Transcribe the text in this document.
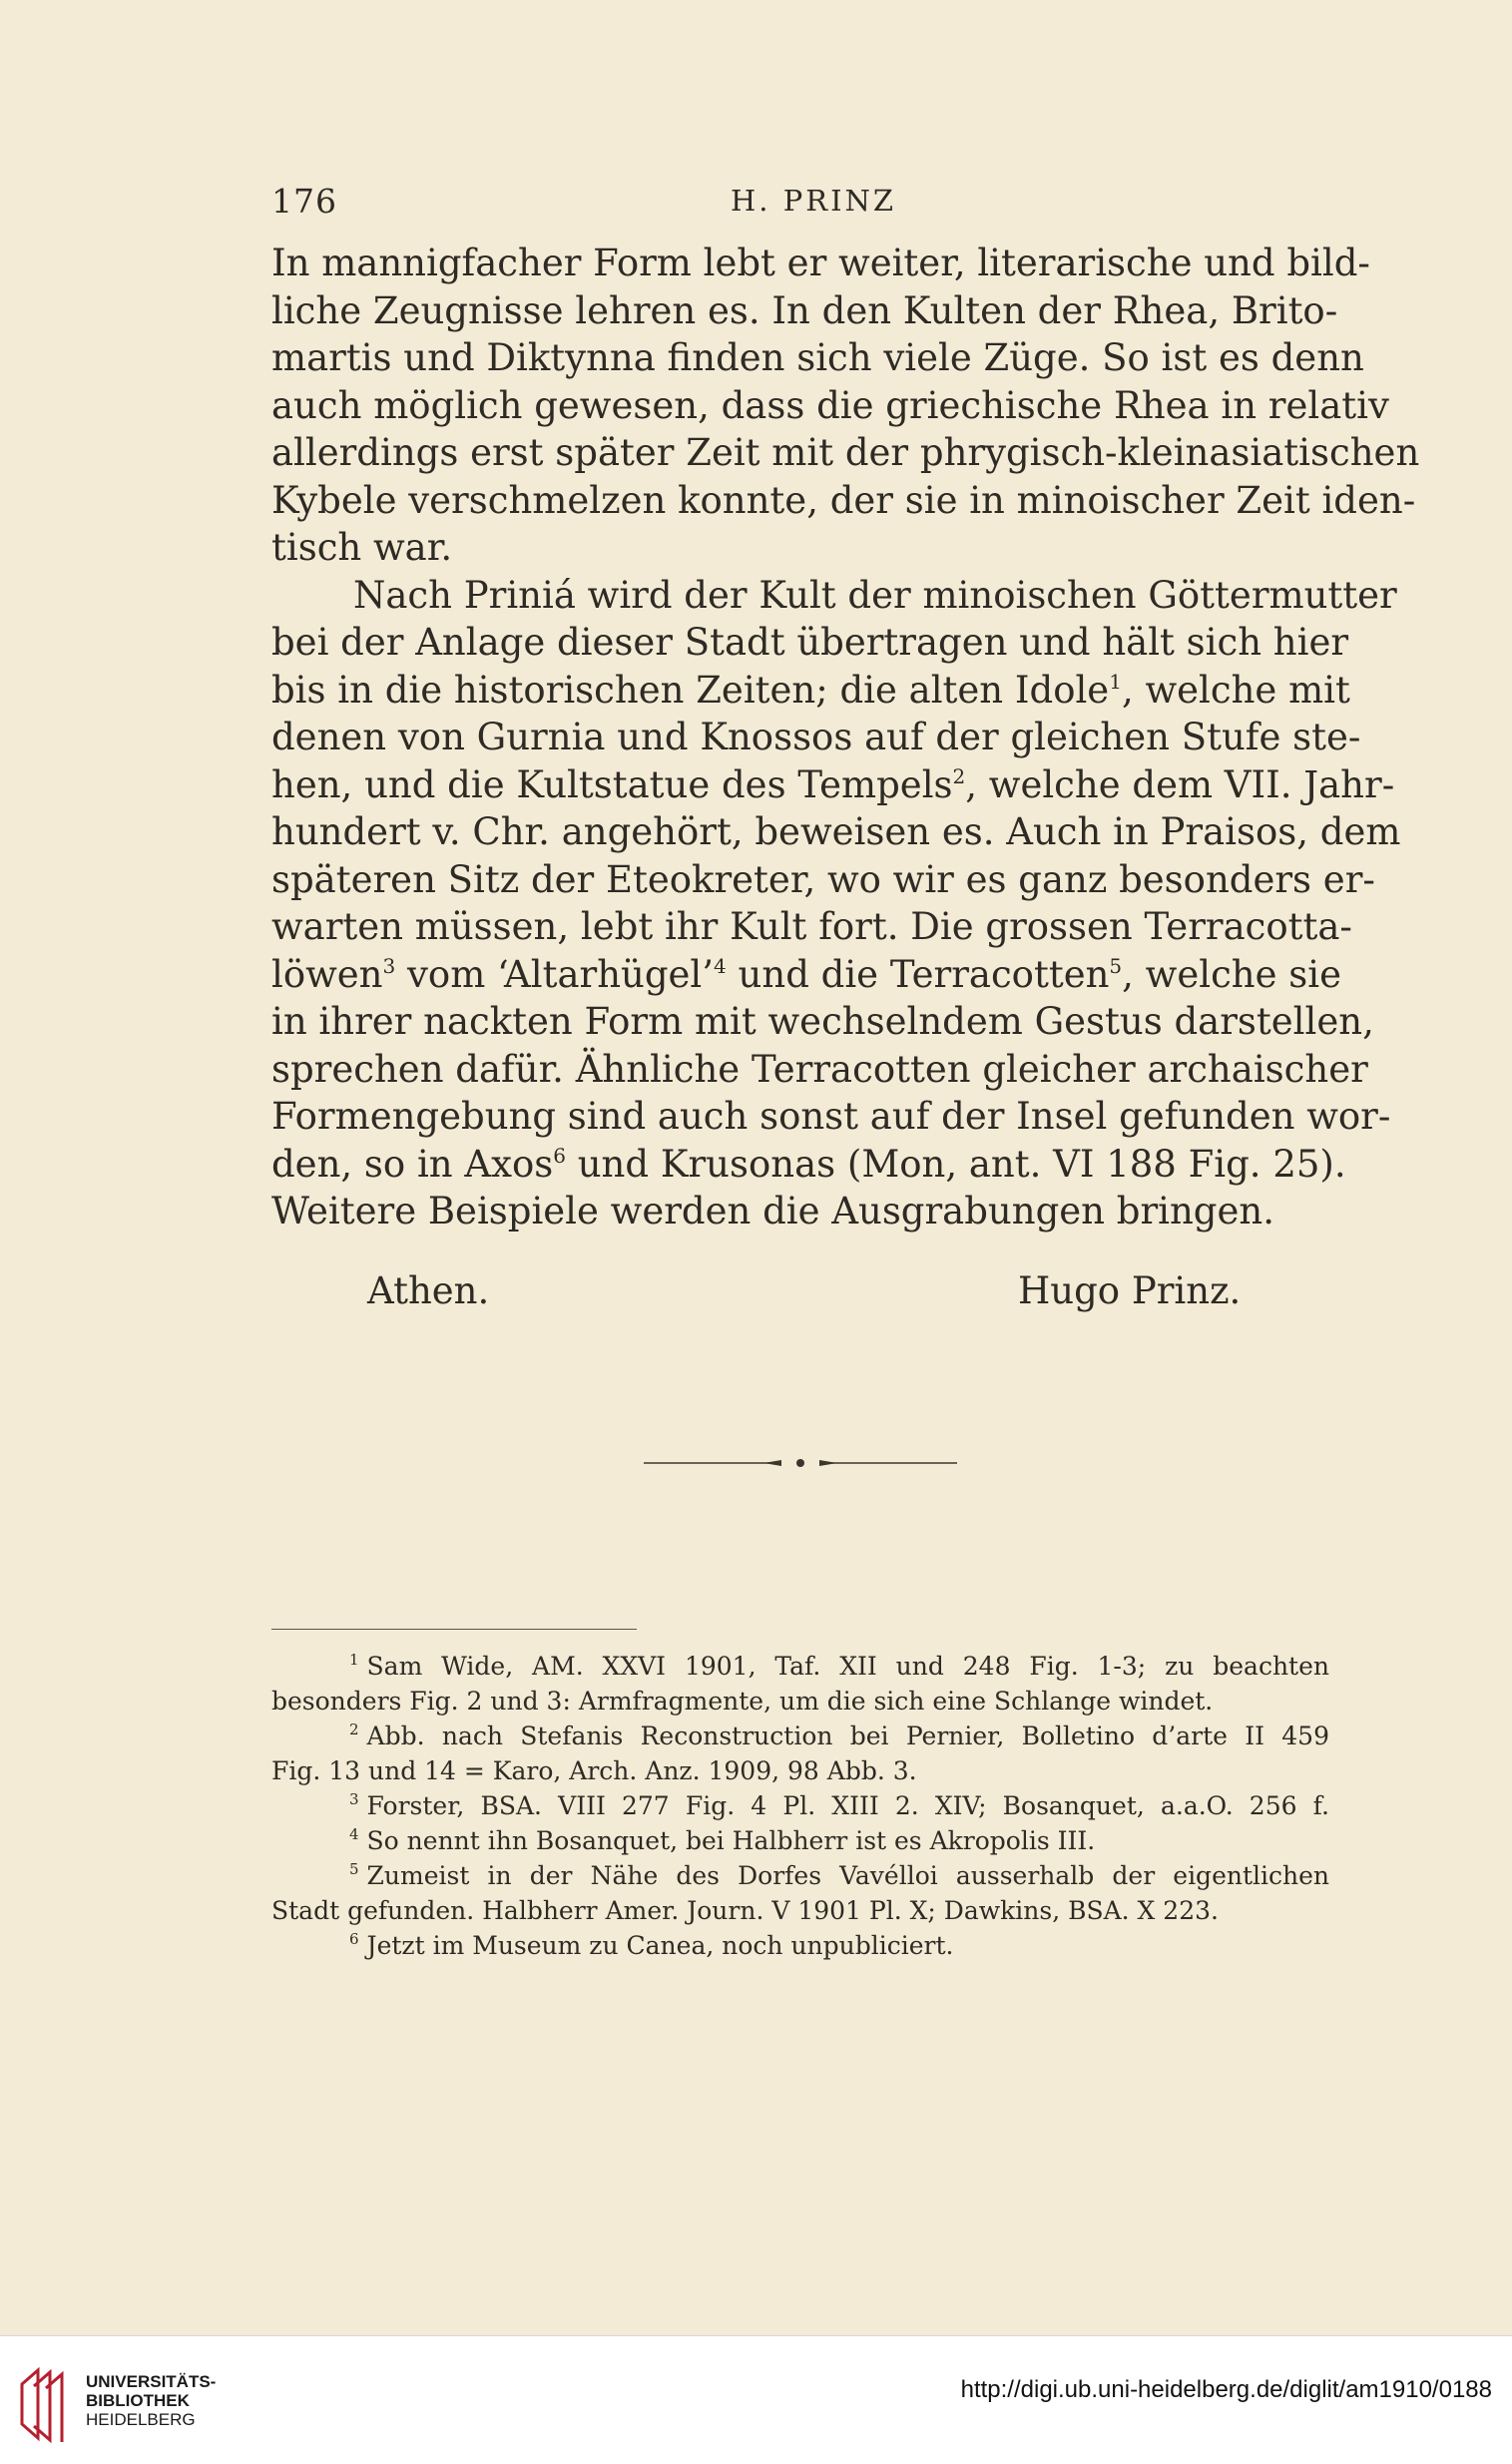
176	H. PRINZ
In mannigfacher Form lebt er weiter, literarische und bild-
liche Zeugnisse lehren es. In den Kulten der Rhea, Brito-
martis und Diktynna finden sich viele Züge. So ist es denn
auch möglich gewesen, dass die griechische Rhea in relativ
allerdings erst später Zeit mit der phrygisch-kleinasiatischen
Kybele verschmelzen konnte, der sie in minoischer Zeit iden-
tisch war.
Nach Priniá wird der Kult der minoischen Göttermutter
bei der Anlage dieser Stadt übertragen und hält sich hier
bis in die historischen Zeiten; die alten Idole$^1$, welche mit
denen von Gurnia und Knossos auf der gleichen Stufe ste-
hen, und die Kultstatue des Tempels$^2$, welche dem VII. Jahr-
hundert v. Chr. angehört, beweisen es. Auch in Praisos, dem
späteren Sitz der Eteokreter, wo wir es ganz besonders er-
warten müssen, lebt ihr Kult fort. Die grossen Terracotta-
löwen$^3$ vom ‘Altarhügel’$^4$ und die Terracotten$^5$, welche sie
in ihrer nackten Form mit wechselndem Gestus darstellen,
sprechen dafür. Ähnliche Terracotten gleicher archaischer
Formengebung sind auch sonst auf der Insel gefunden wor-
den, so in Axos$^6$ und Krusonas (Mon, ant. VI 188 Fig. 25).
Weitere Beispiele werden die Ausgrabungen bringen.
Athen.	Hugo Prinz.
$^1$ Sam Wide, AM. XXVI 1901, Taf. XII und 248 Fig. 1-3; zu beachten
besonders Fig. 2 und 3: Armfragmente, um die sich eine Schlange windet.
$^2$ Abb. nach Stefanis Reconstruction bei Pernier, Bolletino d’arte II 459
Fig. 13 und 14 = Karo, Arch. Anz. 1909, 98 Abb. 3.
$^3$ Forster, BSA. VIII 277 Fig. 4 Pl. XIII 2. XIV; Bosanquet, a.a.O. 256 f.
$^4$ So nennt ihn Bosanquet, bei Halbherr ist es Akropolis III.
$^5$ Zumeist in der Nähe des Dorfes Vavélloi ausserhalb der eigentlichen
Stadt gefunden. Halbherr Amer. Journ. V 1901 Pl. X; Dawkins, BSA. X 223.
$^6$ Jetzt im Museum zu Canea, noch unpubliciert.
UNIVERSITÄTS-
BIBLIOTHEK
HEIDELBERG
http://digi.ub.uni-heidelberg.de/diglit/am1910/0188
